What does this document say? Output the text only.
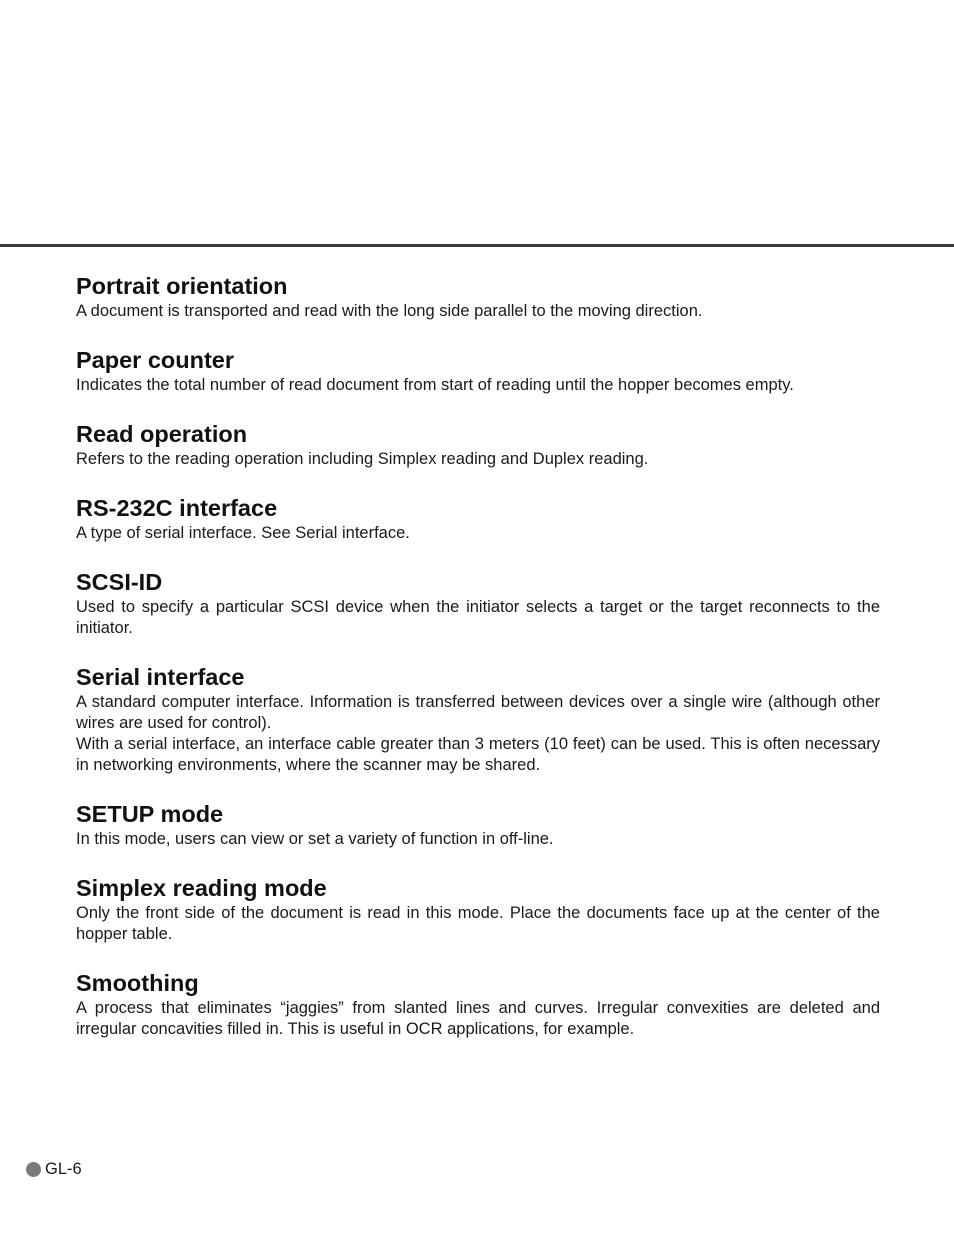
Portrait orientation

A document is transported and read with the long side parallel to the moving direction.

Paper counter

Indicates the total number of read document from start of reading until the hopper becomes empty.

Read operation

Refers to the reading operation including Simplex reading and Duplex reading.

RS-232C interface

A type of serial interface. See Serial interface.

SCSI-ID

Used to specify a particular SCSI device when the initiator selects a target or the target reconnects to the initiator.

Serial interface

A standard computer interface. Information is transferred between devices over a single wire (although other wires are used for control).

With a serial interface, an interface cable greater than 3 meters (10 feet) can be used. This is often necessary in networking environments, where the scanner may be shared.

SETUP mode

In this mode, users can view or set a variety of function in off-line.

Simplex reading mode

Only the front side of the document is read in this mode. Place the documents face up at the center of the hopper table.

Smoothing

A process that eliminates “jaggies” from slanted lines and curves. Irregular convexities are deleted and irregular concavities filled in. This is useful in OCR applications, for example.

GL-6
